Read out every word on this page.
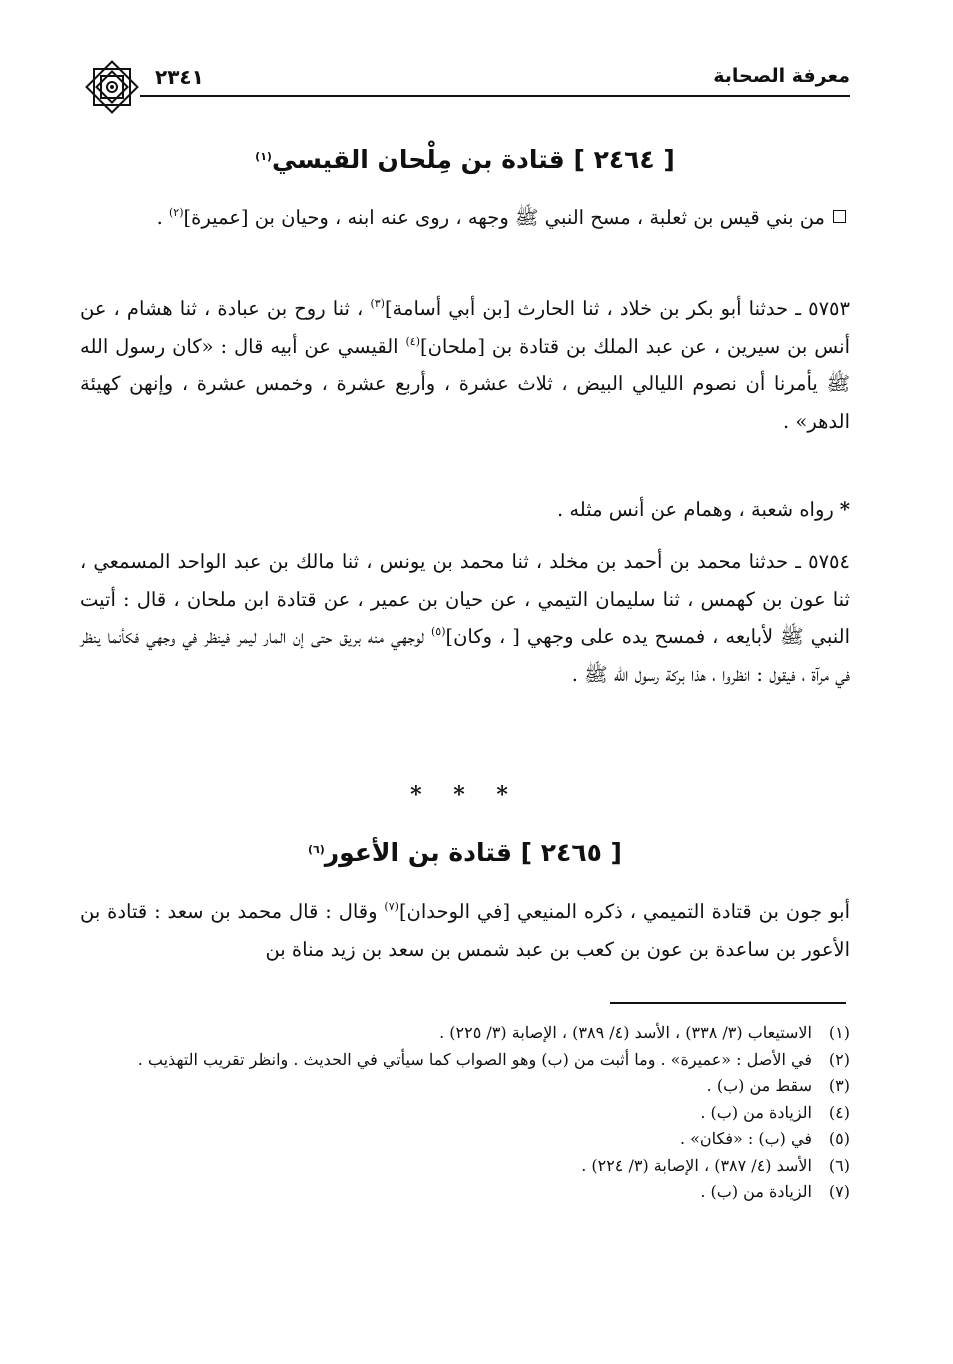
٢٣٤١	معرفة الصحابة
[ ٢٤٦٤ ] قتادة بن مِلْحان القيسي$^{(١)}$
من بني قيس بن ثعلبة ، مسح النبي ﷺ وجهه ، روى عنه ابنه ، وحيان بن [عميرة]$^{(٢)}$ .
٥٧٥٣ ـ حدثنا أبو بكر بن خلاد ، ثنا الحارث [بن أبي أسامة]$^{(٣)}$ ، ثنا روح بن عبادة ، ثنا هشام ، عن أنس بن سيرين ، عن عبد الملك بن قتادة بن [ملحان]$^{(٤)}$ القيسي عن أبيه قال : «كان رسول الله ﷺ يأمرنا أن نصوم الليالي البيض ، ثلاث عشرة ، وأربع عشرة ، وخمس عشرة ، وإنهن كهيئة الدهر» .
*رواه شعبة ، وهمام عن أنس مثله .
٥٧٥٤ ـ حدثنا محمد بن أحمد بن مخلد ، ثنا محمد بن يونس ، ثنا مالك بن عبد الواحد المسمعي ، ثنا عون بن كهمس ، ثنا سليمان التيمي ، عن حيان بن عمير ، عن قتادة ابن ملحان ، قال : أتيت النبي ﷺ لأبايعه ، فمسح يده على وجهي [ ، وكان]$^{(٥)}$ لوجهي منه بريق حتى إن المار ليمر فينظر في وجهي فكأنما ينظر في مرآة ، فيقول : انظروا ، هذا بركة رسول الله ﷺ .
* * *
[ ٢٤٦٥ ] قتادة بن الأعور$^{(٦)}$
أبو جون بن قتادة التميمي ، ذكره المنيعي [في الوحدان]$^{(٧)}$ وقال : قال محمد بن سعد : قتادة بن الأعور بن ساعدة بن عون بن كعب بن عبد شمس بن سعد بن زيد مناة بن
(١)
الاستيعاب (٣/ ٣٣٨) ، الأسد (٤/ ٣٨٩) ، الإصابة (٣/ ٢٢٥) .
(٢)
في الأصل : «عميرة» . وما أثبت من (ب) وهو الصواب كما سيأتي في الحديث . وانظر تقريب التهذيب .
(٣)
سقط من (ب) .
(٤)
الزيادة من (ب) .
(٥)
في (ب) : «فكان» .
(٦)
الأسد (٤/ ٣٨٧) ، الإصابة (٣/ ٢٢٤) .
(٧)
الزيادة من (ب) .
